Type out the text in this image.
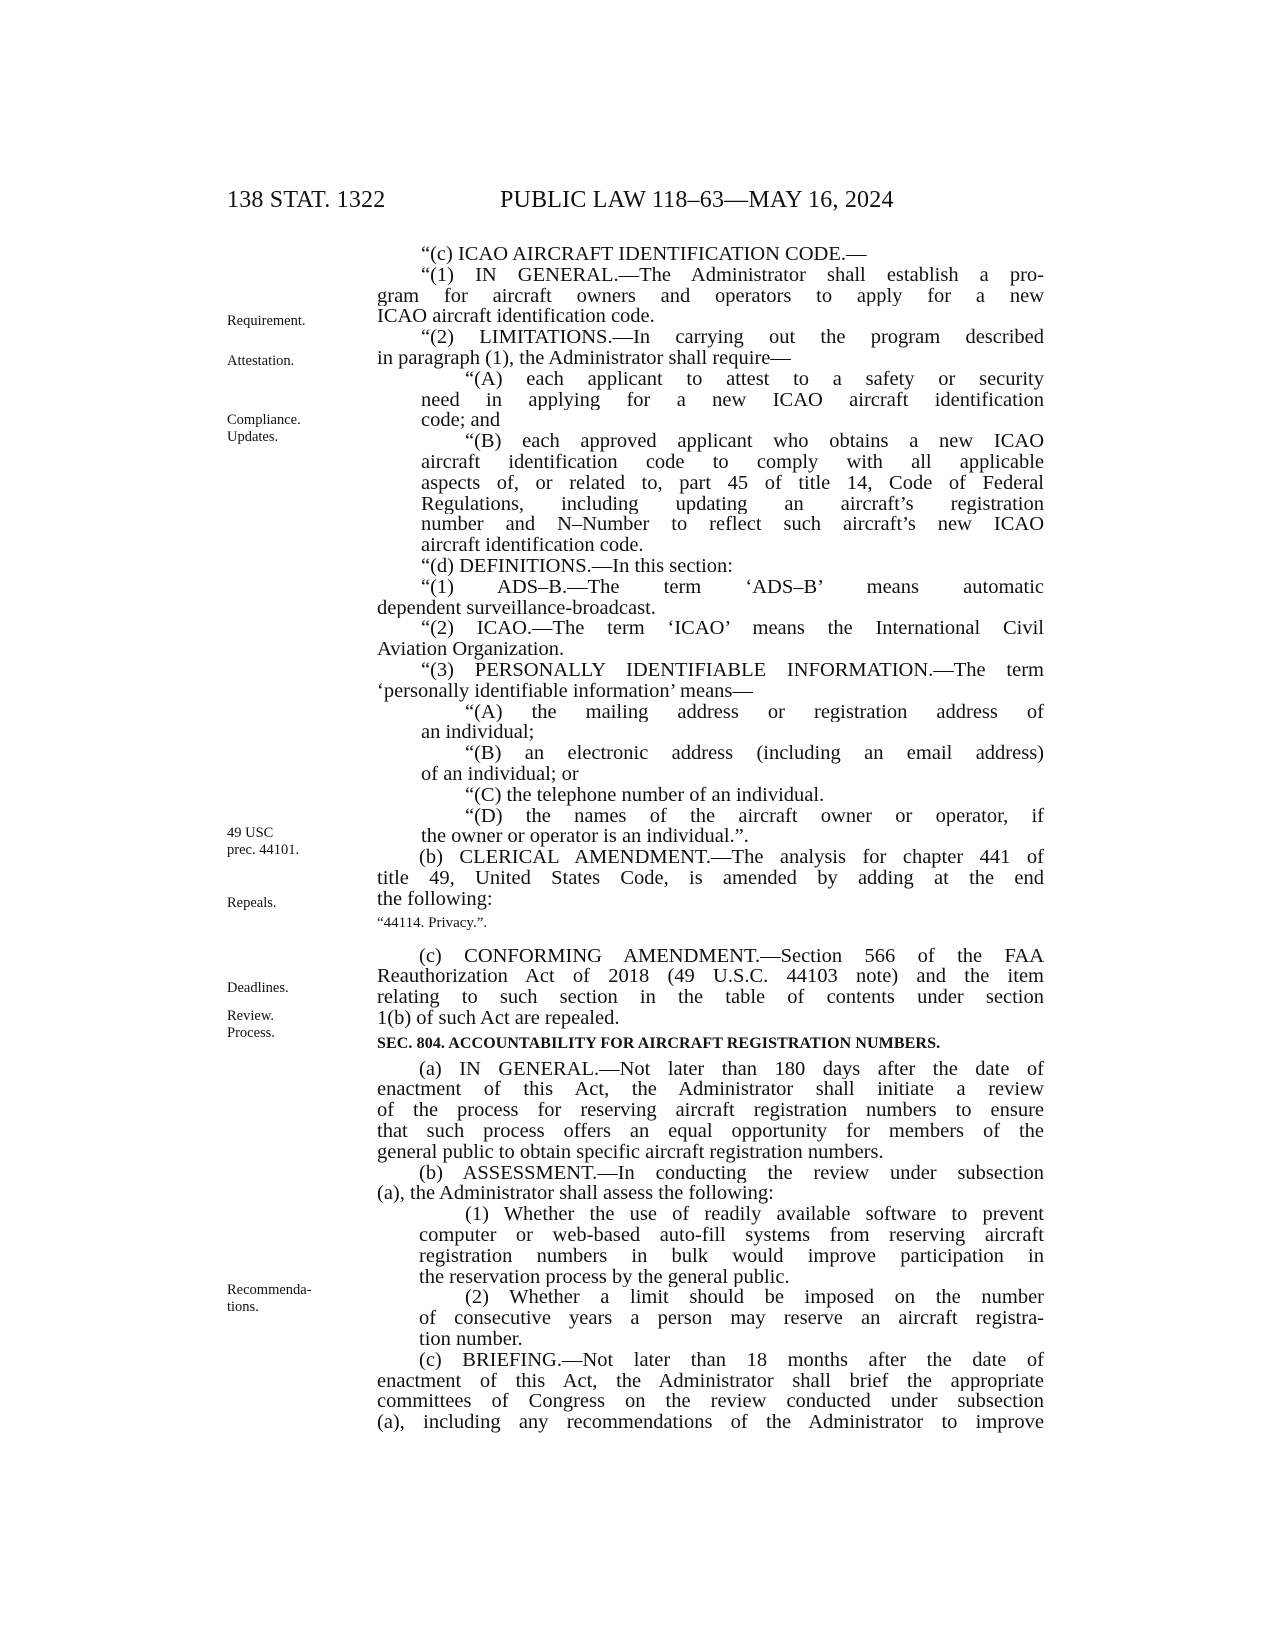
138 STAT. 1322	PUBLIC LAW 118–63—MAY 16, 2024
Requirement.
Attestation.
Compliance.
Updates.
49 USC
prec. 44101.
Repeals.
Deadlines.
Review.
Process.
Recommenda-
tions.
“(c) ICAO AIRCRAFT IDENTIFICATION CODE.—
“(1) IN GENERAL.—The Administrator shall establish a pro-
gram for aircraft owners and operators to apply for a new
ICAO aircraft identification code.
“(2) LIMITATIONS.—In carrying out the program described
in paragraph (1), the Administrator shall require—
“(A) each applicant to attest to a safety or security
need in applying for a new ICAO aircraft identification
code; and
“(B) each approved applicant who obtains a new ICAO
aircraft identification code to comply with all applicable
aspects of, or related to, part 45 of title 14, Code of Federal
Regulations, including updating an aircraft’s registration
number and N–Number to reflect such aircraft’s new ICAO
aircraft identification code.
“(d) DEFINITIONS.—In this section:
“(1) ADS–B.—The term ‘ADS–B’ means automatic
dependent surveillance-broadcast.
“(2) ICAO.—The term ‘ICAO’ means the International Civil
Aviation Organization.
“(3) PERSONALLY IDENTIFIABLE INFORMATION.—The term
‘personally identifiable information’ means—
“(A) the mailing address or registration address of
an individual;
“(B) an electronic address (including an email address)
of an individual; or
“(C) the telephone number of an individual.
“(D) the names of the aircraft owner or operator, if
the owner or operator is an individual.”.
(b) CLERICAL AMENDMENT.—The analysis for chapter 441 of
title 49, United States Code, is amended by adding at the end
the following:
“44114. Privacy.”.
(c) CONFORMING AMENDMENT.—Section 566 of the FAA
Reauthorization Act of 2018 (49 U.S.C. 44103 note) and the item
relating to such section in the table of contents under section
1(b) of such Act are repealed.
SEC. 804. ACCOUNTABILITY FOR AIRCRAFT REGISTRATION NUMBERS.
(a) IN GENERAL.—Not later than 180 days after the date of
enactment of this Act, the Administrator shall initiate a review
of the process for reserving aircraft registration numbers to ensure
that such process offers an equal opportunity for members of the
general public to obtain specific aircraft registration numbers.
(b) ASSESSMENT.—In conducting the review under subsection
(a), the Administrator shall assess the following:
(1) Whether the use of readily available software to prevent
computer or web-based auto-fill systems from reserving aircraft
registration numbers in bulk would improve participation in
the reservation process by the general public.
(2) Whether a limit should be imposed on the number
of consecutive years a person may reserve an aircraft registra-
tion number.
(c) BRIEFING.—Not later than 18 months after the date of
enactment of this Act, the Administrator shall brief the appropriate
committees of Congress on the review conducted under subsection
(a), including any recommendations of the Administrator to improve
